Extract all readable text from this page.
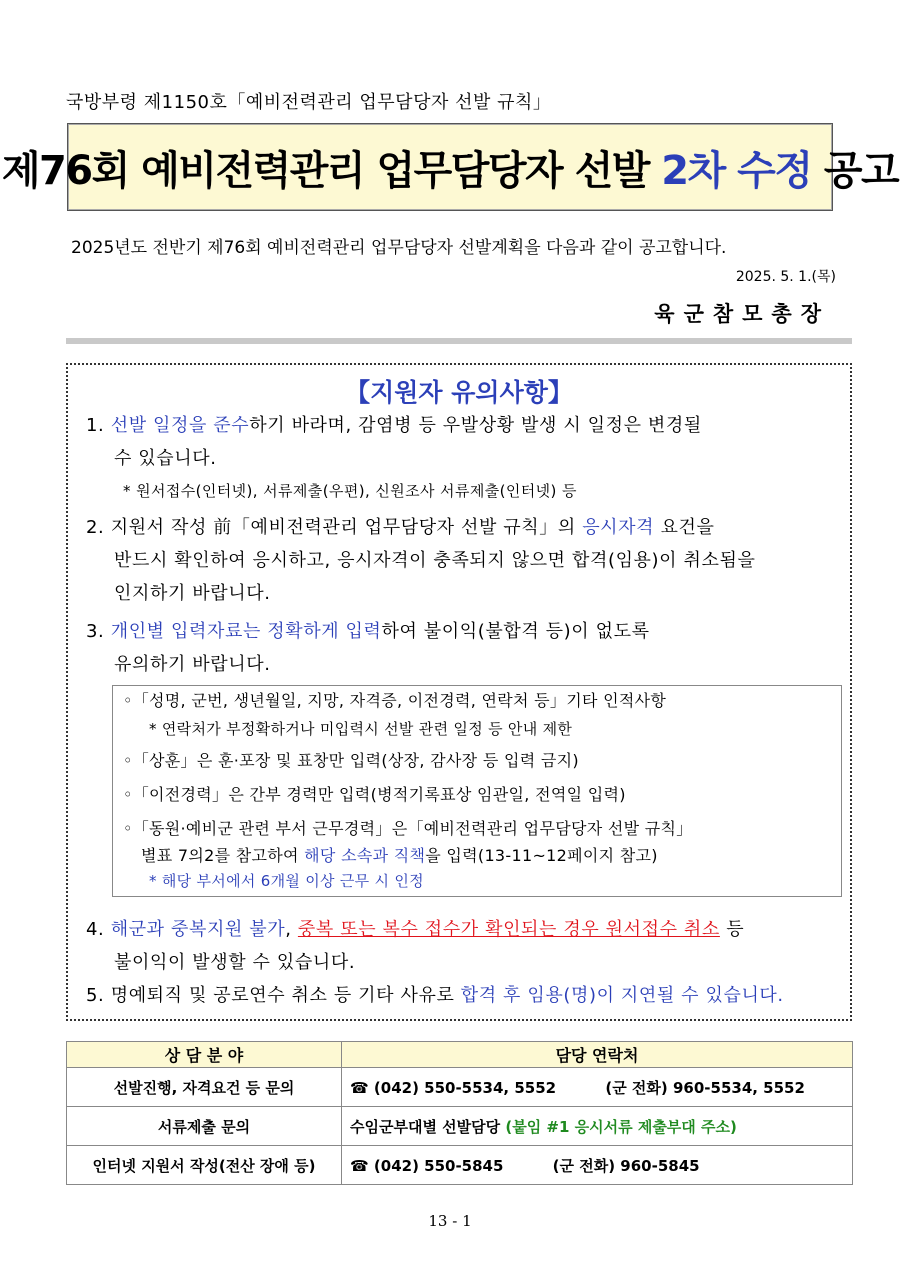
국방부령 제1150호「예비전력관리 업무담당자 선발 규칙」
제76회 예비전력관리 업무담당자 선발 2차 수정 공고
2025년도 전반기 제76회 예비전력관리 업무담당자 선발계획을 다음과 같이 공고합니다.
2025. 5. 1.(목)
육군참모총장
【지원자 유의사항】
1. 선발 일정을 준수하기 바라며, 감염병 등 우발상황 발생 시 일정은 변경될
수 있습니다.
* 원서접수(인터넷), 서류제출(우편), 신원조사 서류제출(인터넷) 등
2. 지원서 작성 前「예비전력관리 업무담당자 선발 규칙」의 응시자격 요건을
반드시 확인하여 응시하고, 응시자격이 충족되지 않으면 합격(임용)이 취소됨을
인지하기 바랍니다.
3. 개인별 입력자료는 정확하게 입력하여 불이익(불합격 등)이 없도록
유의하기 바랍니다.
◦「성명, 군번, 생년월일, 지망, 자격증, 이전경력, 연락처 등」기타 인적사항
* 연락처가 부정확하거나 미입력시 선발 관련 일정 등 안내 제한
◦「상훈」은 훈·포장 및 표창만 입력(상장, 감사장 등 입력 금지)
◦「이전경력」은 간부 경력만 입력(병적기록표상 임관일, 전역일 입력)
◦「동원·예비군 관련 부서 근무경력」은「예비전력관리 업무담당자 선발 규칙」
별표 7의2를 참고하여 해당 소속과 직책을 입력(13-11~12페이지 참고)
* 해당 부서에서 6개월 이상 근무 시 인정
4. 해군과 중복지원 불가, 중복 또는 복수 접수가 확인되는 경우 원서접수 취소 등
불이익이 발생할 수 있습니다.
5. 명예퇴직 및 공로연수 취소 등 기타 사유로 합격 후 임용(명)이 지연될 수 있습니다.
상 담 분 야	담당 연락처
선발진행, 자격요건 등 문의	☎ (042) 550-5534, 5552 (군 전화) 960-5534, 5552
서류제출 문의	수임군부대별 선발담당 (붙임 #1 응시서류 제출부대 주소)
인터넷 지원서 작성(전산 장애 등)	☎ (042) 550-5845 (군 전화) 960-5845
13 - 1
